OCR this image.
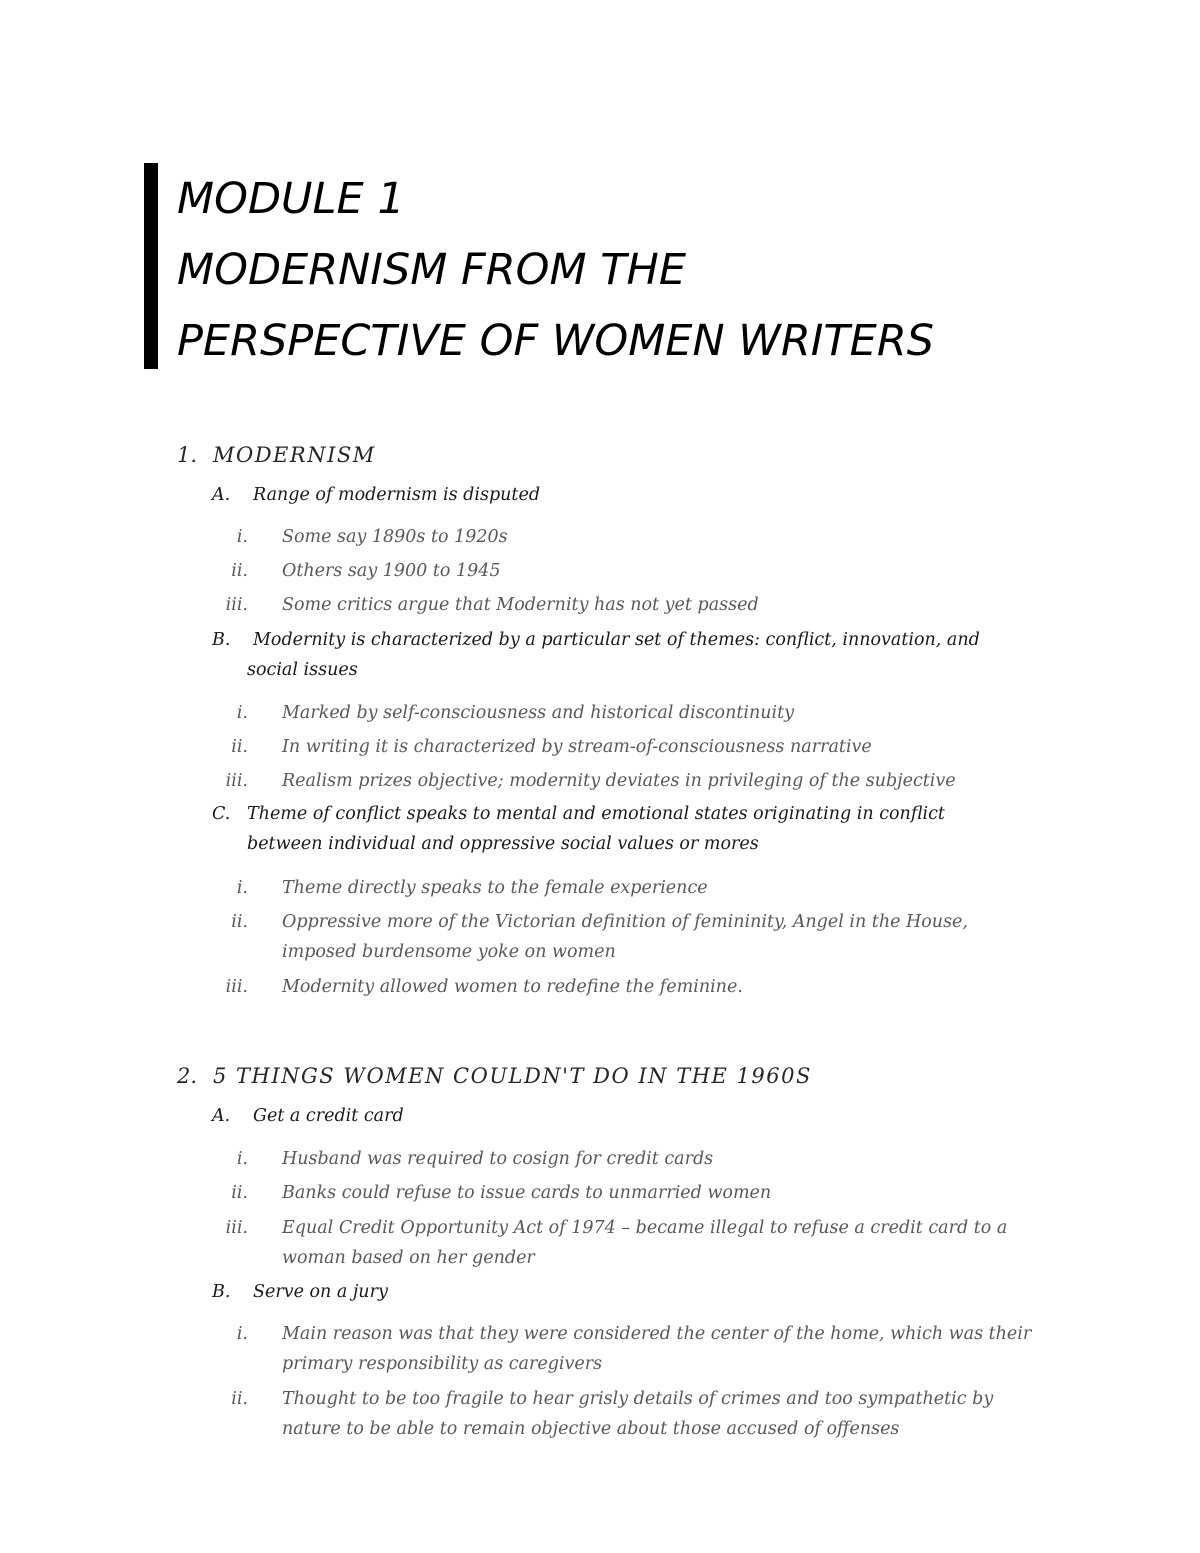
MODULE 1
MODERNISM FROM THE
PERSPECTIVE OF WOMEN WRITERS
1. MODERNISM
A. Range of modernism is disputed
i. Some say 1890s to 1920s
ii. Others say 1900 to 1945
iii. Some critics argue that Modernity has not yet passed
B.	Modernity is characterized by a particular set of themes: conflict, innovation, and social issues
i. Marked by self-consciousness and historical discontinuity
ii. In writing it is characterized by stream-of-consciousness narrative
iii. Realism prizes objective; modernity deviates in privileging of the subjective
C. Theme of conflict speaks to mental and emotional states originating in conflict between individual and oppressive social values or mores
i. Theme directly speaks to the female experience
ii. Oppressive more of the Victorian definition of femininity, Angel in the House, imposed burdensome yoke on women
iii. Modernity allowed women to redefine the feminine.
2. 5 THINGS WOMEN COULDN'T DO IN THE 1960S
A. Get a credit card
i. Husband was required to cosign for credit cards
ii. Banks could refuse to issue cards to unmarried women
iii. Equal Credit Opportunity Act of 1974 – became illegal to refuse a credit card to a woman based on her gender
B. Serve on a jury
i. Main reason was that they were considered the center of the home, which was their primary responsibility as caregivers
ii. Thought to be too fragile to hear grisly details of crimes and too sympathetic by nature to be able to remain objective about those accused of offenses
